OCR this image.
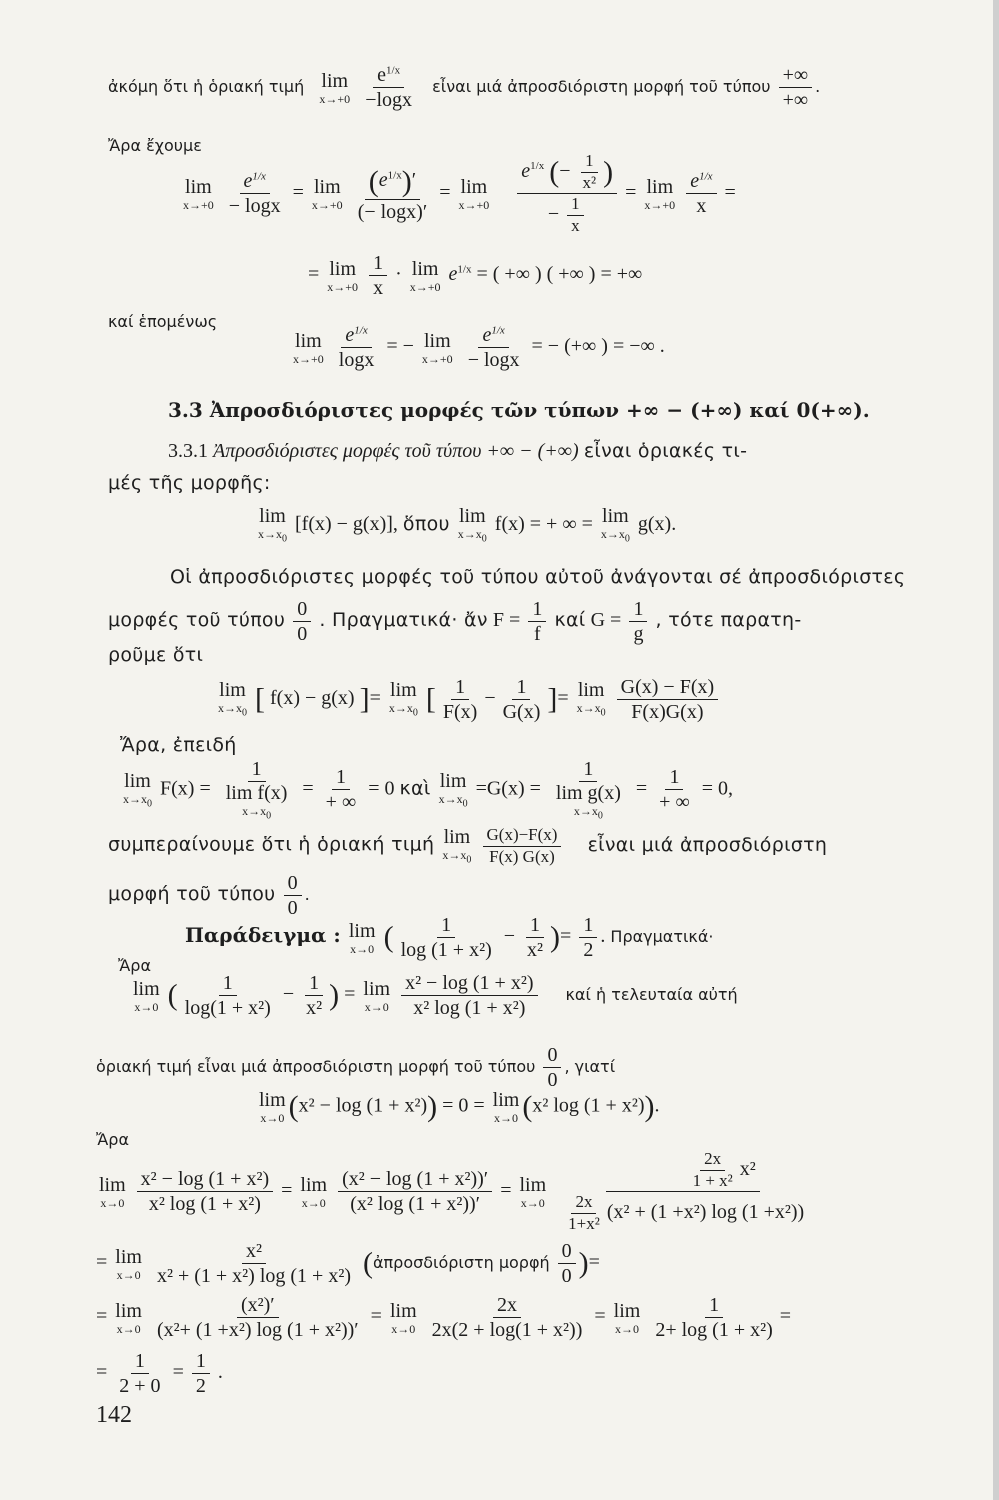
ἀκόμη ὅτι ἡ ὁριακή τιμή lim
x→+0
$\frac{e^{1/x}}{-\log x}$ εἶναι μιά ἀπροσδιόριστη μορφή τοῦ τύπου $\frac{+\infty}{+\infty}$ .
Ἄρα ἔχουμε
lim
x→+0
$\frac{e^{1/x}}{- \log x} = \lim$
x→+0
$\frac{(e^{1/x})'}{(- \log x)'} = \lim$
x→+0
$\frac{e^{1/x} (- \frac{1}{\text{x²}} )}{- \frac{1}{x}} = \lim$
x→+0
$\frac{e^{1/x}}{x}$ =
= lim
x→+0
$\frac{1}{x} \cdot \lim$
x→+0
$e^{1/x}$ = ( +∞ ) ( +∞ ) = +∞
καί ἑπομένως
lim
x→+0
$\frac{e^{1/x}}{\log x}$ = − lim
x→+0
$\frac{e^{1/x}}{- \log x}$ = − (+∞ ) = −∞ .
3.3 Ἀπροσδιόριστες μορφές τῶν τύπων +∞ − (+∞) καί 0(+∞).
3.3.1 Ἀπροσδιόριστες μορφές τοῦ τύπου +∞ − (+∞) εἶναι ὁριακές τι-
μές τῆς μορφῆς:
lim
$x\to x_0$
[f(x) − g(x)], ὅπου lim
$x\to x_0$
f(x) = + ∞ = lim
$x\to x_0$
g(x).
Οἱ ἀπροσδιόριστες μορφές τοῦ τύπου αὐτοῦ ἀνάγονται σέ ἀπροσδιόριστες
μορφές τοῦ τύπου $\frac{0}{0}$ . Πραγματικά· ἄν $F = \frac{1}{f}$ καί $G = \frac{1}{g}$ , τότε παρατη-
ροῦμε ὅτι
lim
$x\to x_0$ [ f(x) − g(x) ]= lim
$x\to x_0$ [ $\frac{1}{F(x)} - \frac{1}{G(x)}$ ]= lim
$x\to x_0$
$\frac{G(x) - F(x)}{F(x)G(x)}$
Ἄρα, ἐπειδή
lim
$x\to x_0$
F(x) = 1
lim f(x)
$x\to x_0 = \frac{1}{+ \infty} = 0$ καὶ lim
$x\to x_0$
=G(x) = 1
lim g(x)
$x\to x_0 = \frac{1}{+ \infty} = 0$,
συμπεραίνουμε ὅτι ἡ ὁριακή τιμή lim
$x\to x_0$
$\frac{G(x)-F(x)}{F(x) G(x)}$ εἶναι μιά ἀπροσδιόριστη
μορφή τοῦ τύπου $\frac{0}{0}$ .
Παράδειγμα : lim
x→0 ( $\frac{1}{\text{log (1 + x²)}} - \frac{1}{\text{x²}}$ )= $\frac{1}{2}$ . Πραγματικά·
Ἄρα
lim
x→0 ( $\frac{1}{\text{log(1 + x²)}} - \frac{1}{\text{x²}}$ ) = lim
x→0
$\frac{\text{x² − log (1 + x²)}}{\text{x² log (1 + x²)}}$ καί ἡ τελευταία αὐτή
ὁριακή τιμή εἶναι μιά ἀπροσδιόριστη μορφή τοῦ τύπου $\frac{0}{0}$ , γιατί
lim
x→0 (x² − log (1 + x²)) = 0 = lim
x→0 (x² log (1 + x²)).
Ἄρα
lim
x→0
$\frac{\text{x² − log (1 + x²)}}{\text{x² log (1 + x²)}} = \lim$
x→0
$\frac{\text{(x² − log (1 + x²))′}}{\text{(x² log (1 + x²))′}} = \lim$
x→0
$\frac{\frac{2x}{\text{1 + x²}} x^2}{\frac{2x}{\text{1+x²}} (x^2 + (1 +x^2) \log (1 +x^2))}$
= lim
x→0
$\frac{\text{x²}}{\text{x² + (1 + x²) log (1 + x²)}}$ (ἀπροσδιόριστη μορφή $\frac{0}{0}$ )=
= lim
x→0
$\frac{\text{(x²)′}}{\text{(x²+ (1 +x²) log (1 + x²))′}} = \lim$
x→0
$\frac{2x}{\text{2x(2 + log(1 + x²))}} = \lim$
x→0
$\frac{1}{\text{2+ log (1 + x²)}}$ =
= $\frac{1}{2 + 0} = \frac{1}{2}$ .
142
